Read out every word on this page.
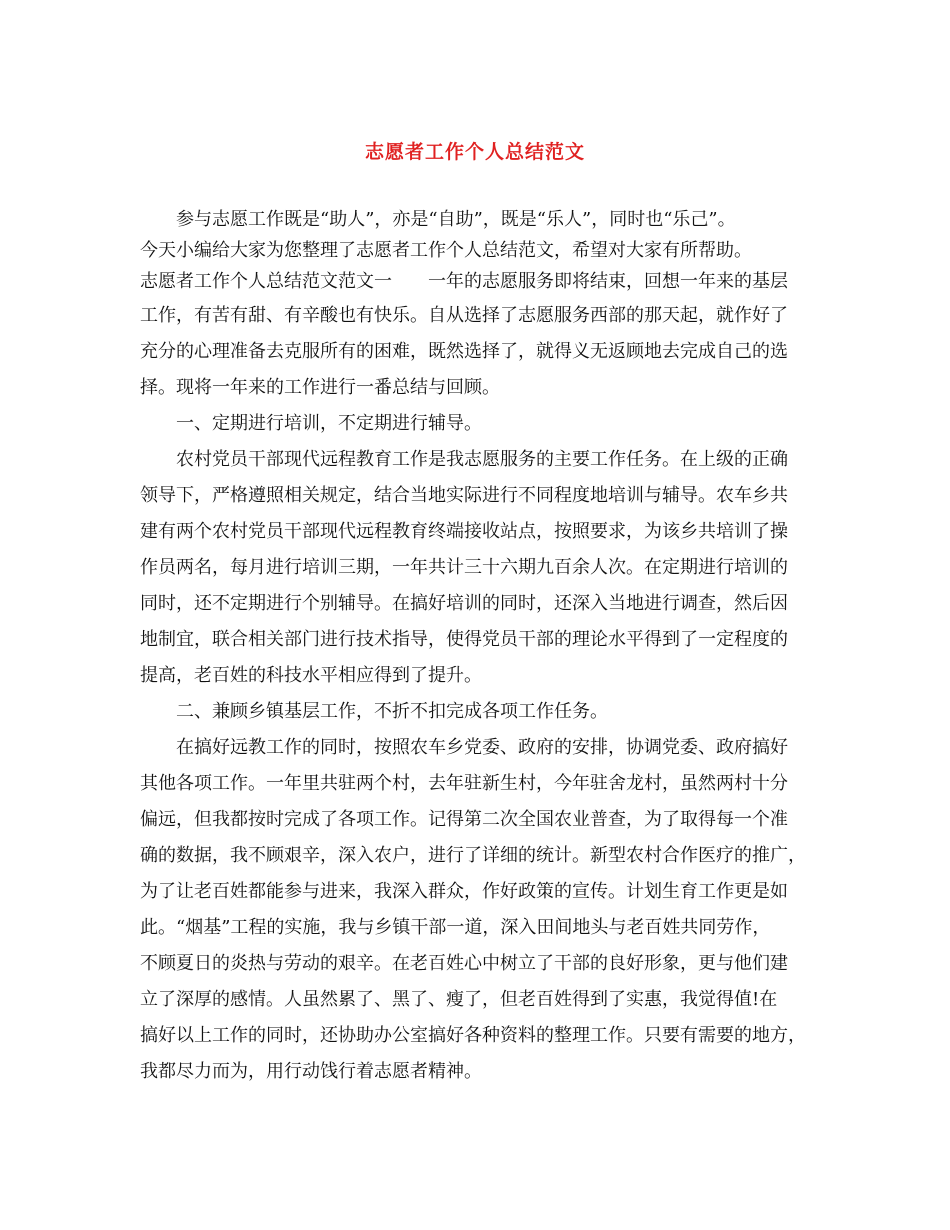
志愿者工作个人总结范文
　　参与志愿工作既是“助人”，亦是“自助”，既是“乐人”，同时也“乐己”。
今天小编给大家为您整理了志愿者工作个人总结范文，希望对大家有所帮助。
志愿者工作个人总结范文范文一　　一年的志愿服务即将结束，回想一年来的基层
工作，有苦有甜、有辛酸也有快乐。自从选择了志愿服务西部的那天起，就作好了
充分的心理准备去克服所有的困难，既然选择了，就得义无返顾地去完成自己的选
择。现将一年来的工作进行一番总结与回顾。
　　一、定期进行培训，不定期进行辅导。
　　农村党员干部现代远程教育工作是我志愿服务的主要工作任务。在上级的正确
领导下，严格遵照相关规定，结合当地实际进行不同程度地培训与辅导。农车乡共
建有两个农村党员干部现代远程教育终端接收站点，按照要求，为该乡共培训了操
作员两名，每月进行培训三期，一年共计三十六期九百余人次。在定期进行培训的
同时，还不定期进行个别辅导。在搞好培训的同时，还深入当地进行调查，然后因
地制宜，联合相关部门进行技术指导，使得党员干部的理论水平得到了一定程度的
提高，老百姓的科技水平相应得到了提升。
　　二、兼顾乡镇基层工作，不折不扣完成各项工作任务。
　　在搞好远教工作的同时，按照农车乡党委、政府的安排，协调党委、政府搞好
其他各项工作。一年里共驻两个村，去年驻新生村，今年驻舍龙村，虽然两村十分
偏远，但我都按时完成了各项工作。记得第二次全国农业普查，为了取得每一个准
确的数据，我不顾艰辛，深入农户，进行了详细的统计。新型农村合作医疗的推广，
为了让老百姓都能参与进来，我深入群众，作好政策的宣传。计划生育工作更是如
此。“烟基”工程的实施，我与乡镇干部一道，深入田间地头与老百姓共同劳作，
不顾夏日的炎热与劳动的艰辛。在老百姓心中树立了干部的良好形象，更与他们建
立了深厚的感情。人虽然累了、黑了、瘦了，但老百姓得到了实惠，我觉得值!在
搞好以上工作的同时，还协助办公室搞好各种资料的整理工作。只要有需要的地方，
我都尽力而为，用行动饯行着志愿者精神。
